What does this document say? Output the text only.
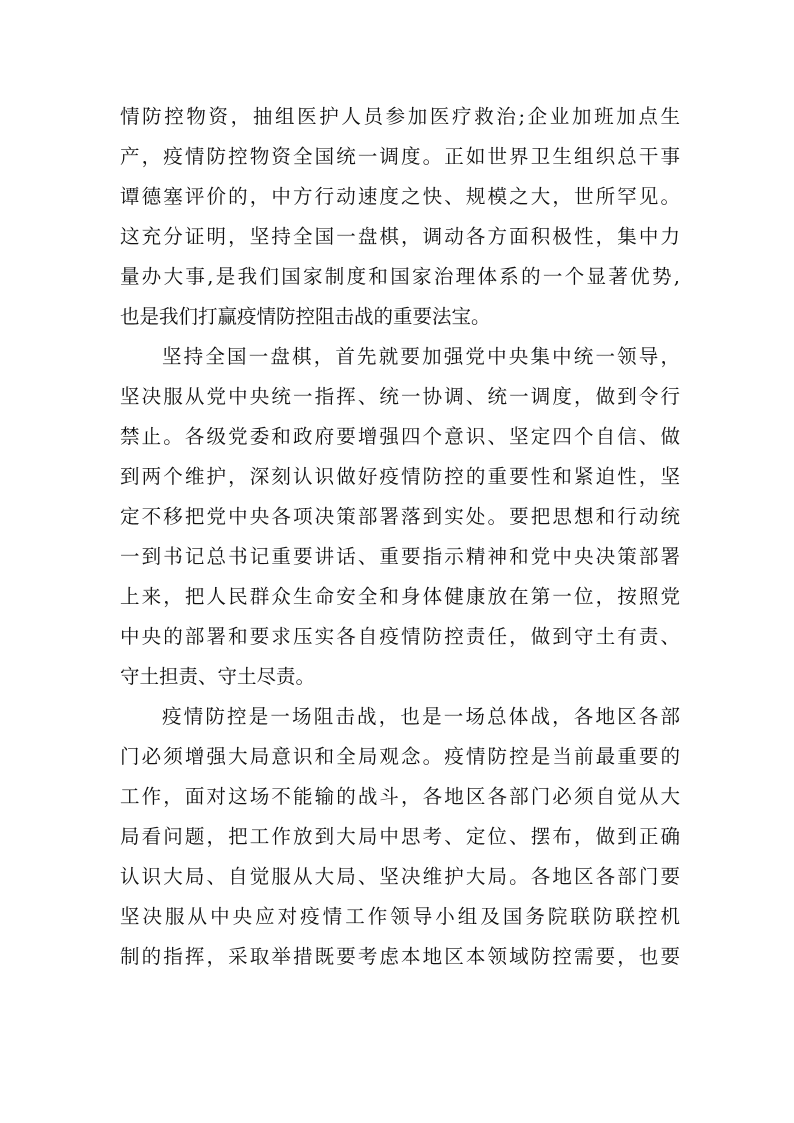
情防控物资，抽组医护人员参加医疗救治;企业加班加点生
产，疫情防控物资全国统一调度。正如世界卫生组织总干事
谭德塞评价的，中方行动速度之快、规模之大，世所罕见。
这充分证明，坚持全国一盘棋，调动各方面积极性，集中力
量办大事,是我们国家制度和国家治理体系的一个显著优势,
也是我们打赢疫情防控阻击战的重要法宝。
坚持全国一盘棋，首先就要加强党中央集中统一领导，
坚决服从党中央统一指挥、统一协调、统一调度，做到令行
禁止。各级党委和政府要增强四个意识、坚定四个自信、做
到两个维护，深刻认识做好疫情防控的重要性和紧迫性，坚
定不移把党中央各项决策部署落到实处。要把思想和行动统
一到书记总书记重要讲话、重要指示精神和党中央决策部署
上来，把人民群众生命安全和身体健康放在第一位，按照党
中央的部署和要求压实各自疫情防控责任，做到守土有责、
守土担责、守土尽责。
疫情防控是一场阻击战，也是一场总体战，各地区各部
门必须增强大局意识和全局观念。疫情防控是当前最重要的
工作，面对这场不能输的战斗，各地区各部门必须自觉从大
局看问题，把工作放到大局中思考、定位、摆布，做到正确
认识大局、自觉服从大局、坚决维护大局。各地区各部门要
坚决服从中央应对疫情工作领导小组及国务院联防联控机
制的指挥，采取举措既要考虑本地区本领域防控需要，也要
